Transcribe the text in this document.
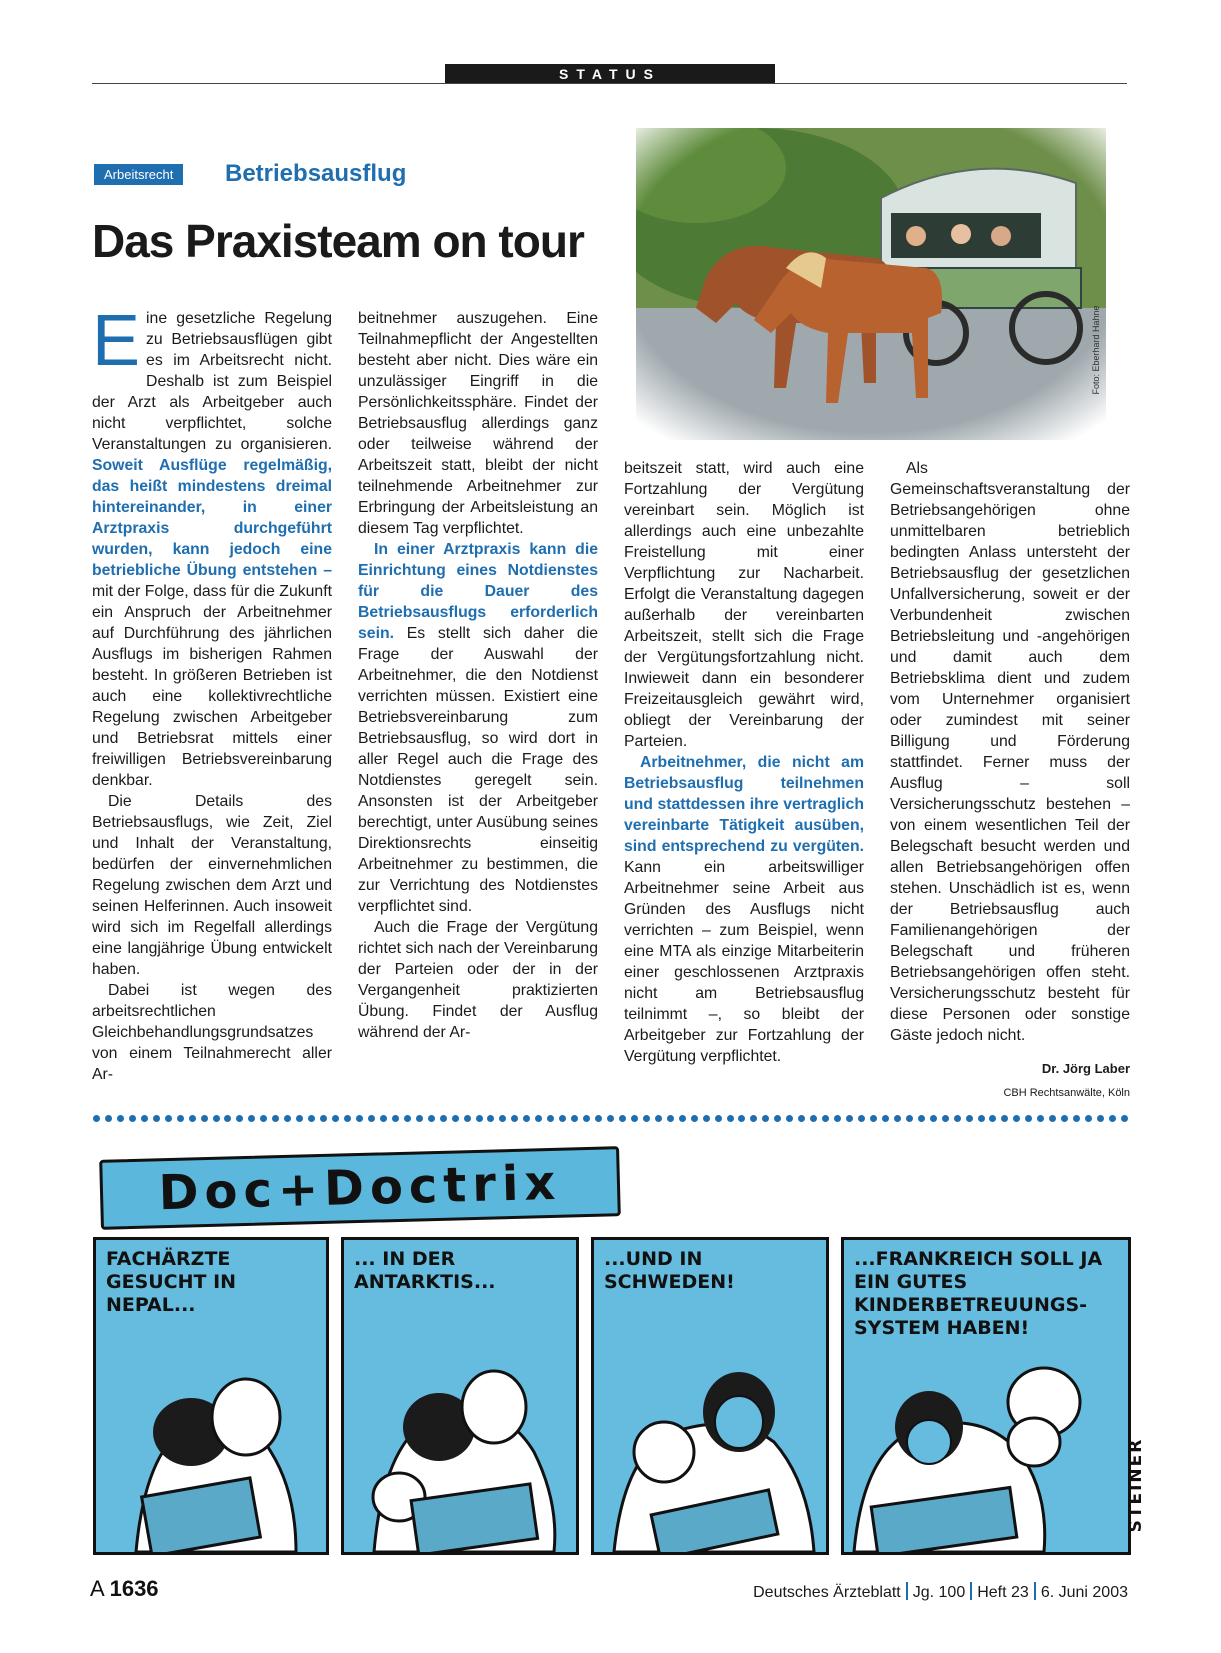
STATUS
Arbeitsrecht	Betriebsausflug
Das Praxisteam on tour
Foto: Eberhard Hahne

Eine gesetzliche Regelung zu Betriebsausflügen gibt es im Arbeitsrecht nicht. Deshalb ist zum Beispiel der Arzt als Arbeitgeber auch nicht verpflichtet, solche Veranstaltungen zu organisieren. Soweit Ausflüge regelmäßig, das heißt mindestens dreimal hintereinander, in einer Arztpraxis durchgeführt wurden, kann jedoch eine betriebliche Übung entstehen – mit der Folge, dass für die Zukunft ein Anspruch der Arbeitnehmer auf Durchführung des jährlichen Ausflugs im bisherigen Rahmen besteht. In größeren Betrieben ist auch eine kollektivrechtliche Regelung zwischen Arbeitgeber und Betriebsrat mittels einer freiwilligen Betriebsvereinbarung denkbar.

Die Details des Betriebsausflugs, wie Zeit, Ziel und Inhalt der Veranstaltung, bedürfen der einvernehmlichen Regelung zwischen dem Arzt und seinen Helferinnen. Auch insoweit wird sich im Regelfall allerdings eine langjährige Übung entwickelt haben.

Dabei ist wegen des arbeitsrechtlichen Gleichbehandlungsgrundsatzes von einem Teilnahmerecht aller Ar-

beitnehmer auszugehen. Eine Teilnahmepflicht der Angestellten besteht aber nicht. Dies wäre ein unzulässiger Eingriff in die Persönlichkeitssphäre. Findet der Betriebsausflug allerdings ganz oder teilweise während der Arbeitszeit statt, bleibt der nicht teilnehmende Arbeitnehmer zur Erbringung der Arbeitsleistung an diesem Tag verpflichtet.

In einer Arztpraxis kann die Einrichtung eines Notdienstes für die Dauer des Betriebsausflugs erforderlich sein. Es stellt sich daher die Frage der Auswahl der Arbeitnehmer, die den Notdienst verrichten müssen. Existiert eine Betriebsvereinbarung zum Betriebsausflug, so wird dort in aller Regel auch die Frage des Notdienstes geregelt sein. Ansonsten ist der Arbeitgeber berechtigt, unter Ausübung seines Direktionsrechts einseitig Arbeitnehmer zu bestimmen, die zur Verrichtung des Notdienstes verpflichtet sind.

Auch die Frage der Vergütung richtet sich nach der Vereinbarung der Parteien oder der in der Vergangenheit praktizierten Übung. Findet der Ausflug während der Ar-

beitszeit statt, wird auch eine Fortzahlung der Vergütung vereinbart sein. Möglich ist allerdings auch eine unbezahlte Freistellung mit einer Verpflichtung zur Nacharbeit. Erfolgt die Veranstaltung dagegen außerhalb der vereinbarten Arbeitszeit, stellt sich die Frage der Vergütungsfortzahlung nicht. Inwieweit dann ein besonderer Freizeitausgleich gewährt wird, obliegt der Vereinbarung der Parteien.

Arbeitnehmer, die nicht am Betriebsausflug teilnehmen und stattdessen ihre vertraglich vereinbarte Tätigkeit ausüben, sind entsprechend zu vergüten. Kann ein arbeitswilliger Arbeitnehmer seine Arbeit aus Gründen des Ausflugs nicht verrichten – zum Beispiel, wenn eine MTA als einzige Mitarbeiterin einer geschlossenen Arztpraxis nicht am Betriebsausflug teilnimmt –, so bleibt der Arbeitgeber zur Fortzahlung der Vergütung verpflichtet.

Als Gemeinschaftsveranstaltung der Betriebsangehörigen ohne unmittelbaren betrieblich bedingten Anlass untersteht der Betriebsausflug der gesetzlichen Unfallversicherung, soweit er der Verbundenheit zwischen Betriebsleitung und -angehörigen und damit auch dem Betriebsklima dient und zudem vom Unternehmer organisiert oder zumindest mit seiner Billigung und Förderung stattfindet. Ferner muss der Ausflug – soll Versicherungsschutz bestehen – von einem wesentlichen Teil der Belegschaft besucht werden und allen Betriebsangehörigen offen stehen. Unschädlich ist es, wenn der Betriebsausflug auch Familienangehörigen der Belegschaft und früheren Betriebsangehörigen offen steht. Versicherungsschutz besteht für diese Personen oder sonstige Gäste jedoch nicht.

Dr. Jörg Laber
CBH Rechtsanwälte, Köln
Doc+Doctrix
FACHÄRZTE GESUCHT IN NEPAL...
... IN DER ANTARKTIS...
...UND IN SCHWEDEN!
...FRANKREICH SOLL JA EIN GUTES KINDERBETREUUNGS-SYSTEM HABEN!
STEINER
A 1636	Deutsches Ärzteblatt Jg. 100 Heft 23 6. Juni 2003
